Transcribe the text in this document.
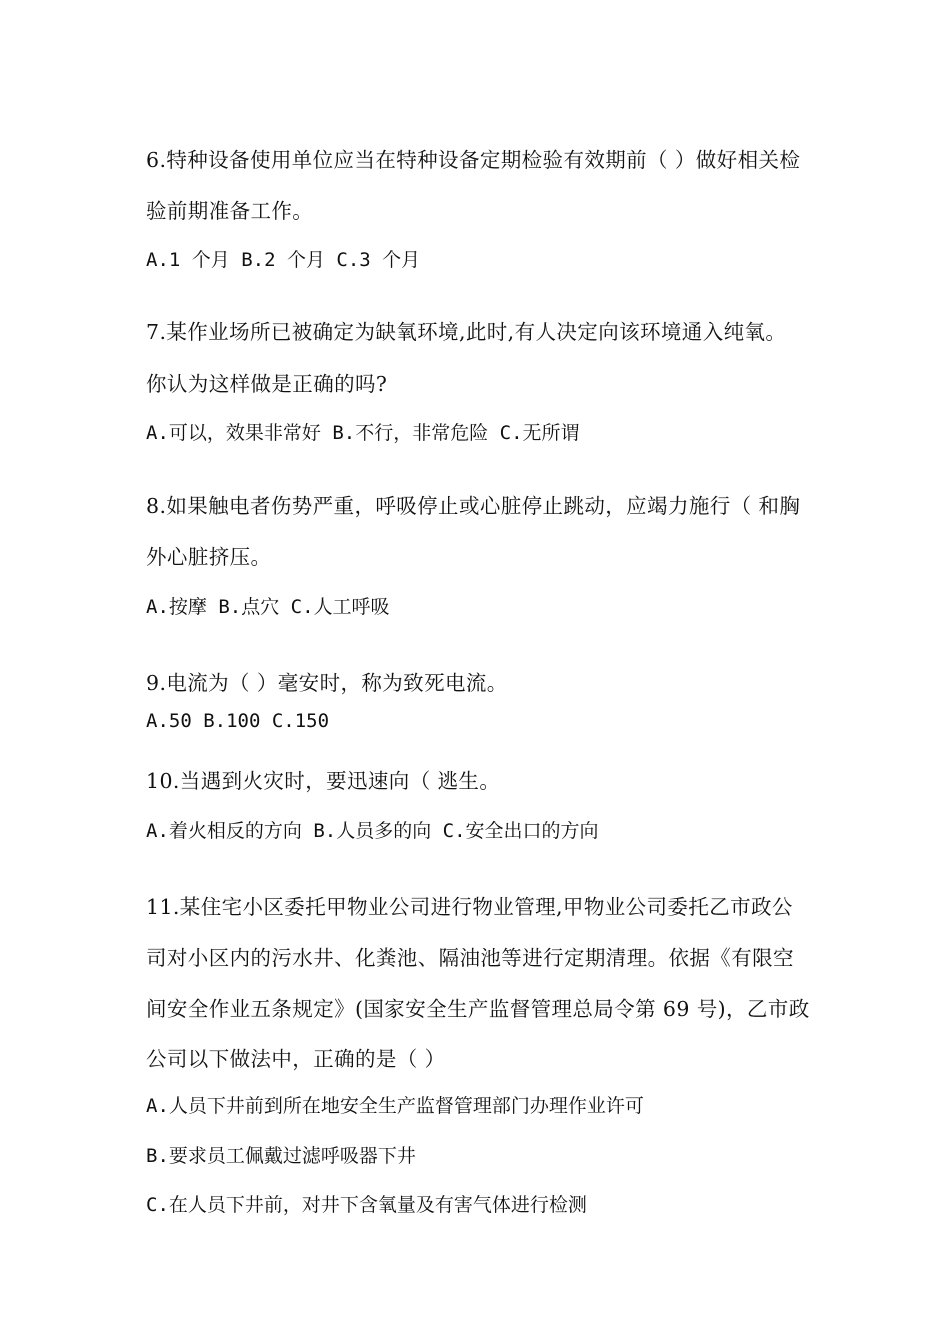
6.特种设备使用单位应当在特种设备定期检验有效期前（ ）做好相关检
验前期准备工作。
A.1 个月 B.2 个月 C.3 个月
7.某作业场所已被确定为缺氧环境,此时,有人决定向该环境通入纯氧。
你认为这样做是正确的吗?
A.可以，效果非常好 B.不行，非常危险 C.无所谓
8.如果触电者伤势严重，呼吸停止或心脏停止跳动，应竭力施行（ 和胸
外心脏挤压。
A.按摩 B.点穴 C.人工呼吸
9.电流为（ ）毫安时，称为致死电流。
A.50 B.100 C.150
10.当遇到火灾时，要迅速向（ 逃生。
A.着火相反的方向 B.人员多的向 C.安全出口的方向
11.某住宅小区委托甲物业公司进行物业管理,甲物业公司委托乙市政公
司对小区内的污水井、化粪池、隔油池等进行定期清理。依据《有限空
间安全作业五条规定》(国家安全生产监督管理总局令第 69 号)，乙市政
公司以下做法中，正确的是（ ）
A.人员下井前到所在地安全生产监督管理部门办理作业许可
B.要求员工佩戴过滤呼吸器下井
C.在人员下井前，对井下含氧量及有害气体进行检测
